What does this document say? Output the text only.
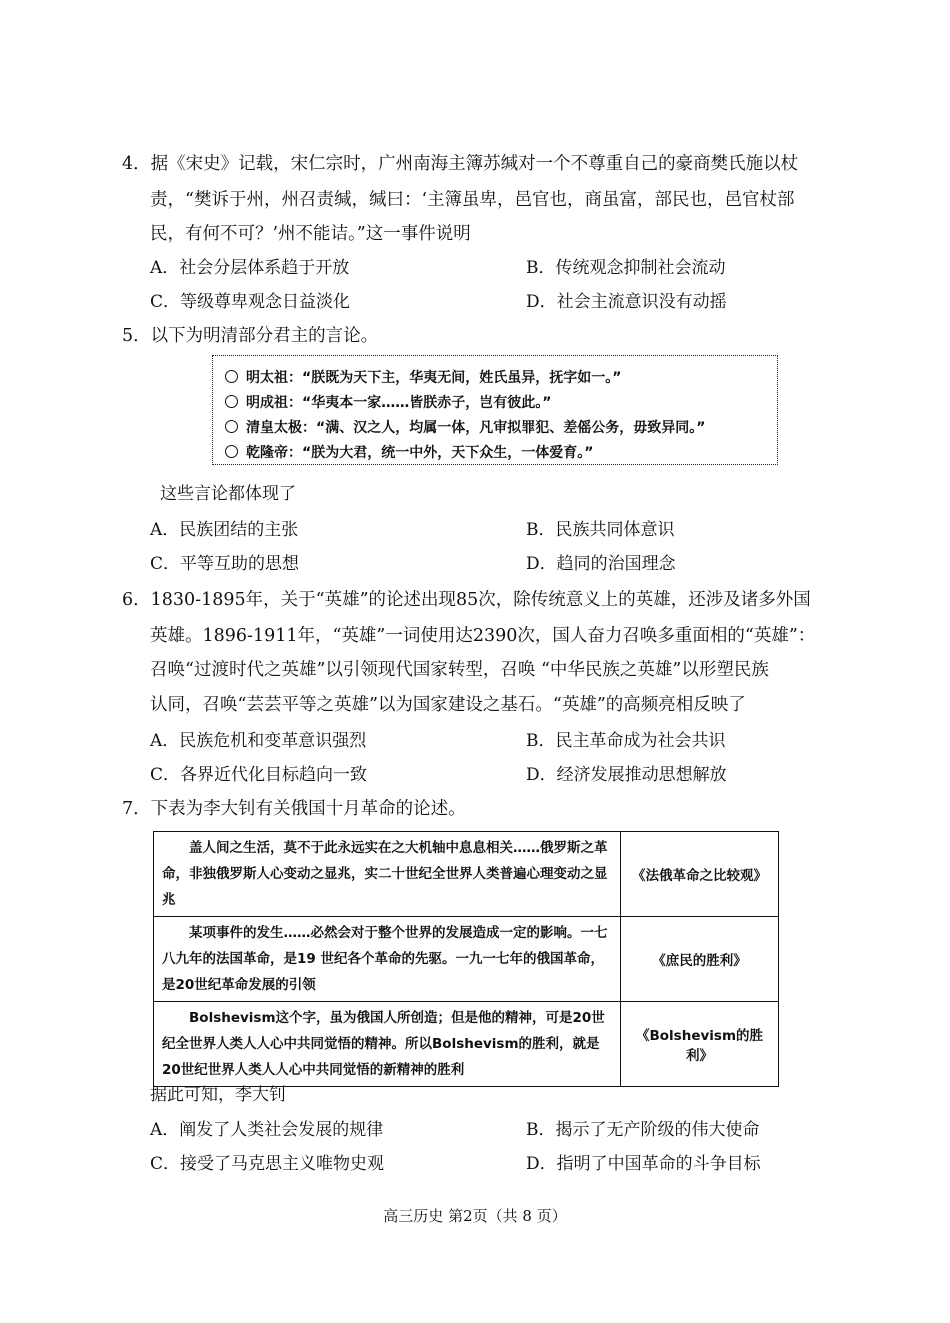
4．据《宋史》记载，宋仁宗时，广州南海主簿苏缄对一个不尊重自己的豪商樊氏施以杖
责，“樊诉于州，州召责缄，缄曰：‘主簿虽卑，邑官也，商虽富，部民也，邑官杖部
民，有何不可？’州不能诘。”这一事件说明
A．社会分层体系趋于开放	B．传统观念抑制社会流动
C．等级尊卑观念日益淡化	D．社会主流意识没有动摇
5．以下为明清部分君主的言论。
明太祖：“朕既为天下主，华夷无间，姓氏虽异，抚字如一。”
明成祖：“华夷本一家……皆朕赤子，岂有彼此。”
清皇太极：“满、汉之人，均属一体，凡审拟罪犯、差傜公务，毋致异同。”
乾隆帝：“朕为大君，统一中外，天下众生，一体爱育。”
这些言论都体现了
A．民族团结的主张	B．民族共同体意识
C．平等互助的思想	D．趋同的治国理念
6．1830-1895年，关于“英雄”的论述出现85次，除传统意义上的英雄，还涉及诸多外国
英雄。1896-1911年，“英雄”一词使用达2390次，国人奋力召唤多重面相的“英雄”：
召唤“过渡时代之英雄”以引领现代国家转型，召唤 “中华民族之英雄”以形塑民族
认同，召唤“芸芸平等之英雄”以为国家建设之基石。“英雄”的高频亮相反映了
A．民族危机和变革意识强烈	B．民主革命成为社会共识
C．各界近代化目标趋向一致	D．经济发展推动思想解放
7．下表为李大钊有关俄国十月革命的论述。
盖人间之生活，莫不于此永远实在之大机轴中息息相关……俄罗斯之革命，非独俄罗斯人心变动之显兆，实二十世纪全世界人类普遍心理变动之显兆	《法俄革命之比较观》
某项事件的发生……必然会对于整个世界的发展造成一定的影响。一七八九年的法国革命，是19 世纪各个革命的先驱。一九一七年的俄国革命，是20世纪革命发展的引领	《庶民的胜利》
Bolshevism这个字，虽为俄国人所创造；但是他的精神，可是20世纪全世界人类人人心中共同觉悟的精神。所以Bolshevism的胜利，就是20世纪世界人类人人心中共同觉悟的新精神的胜利	《Bolshevism的胜利》
据此可知，李大钊
A．阐发了人类社会发展的规律	B．揭示了无产阶级的伟大使命
C．接受了马克思主义唯物史观	D．指明了中国革命的斗争目标
高三历史 第2页（共 8 页）
